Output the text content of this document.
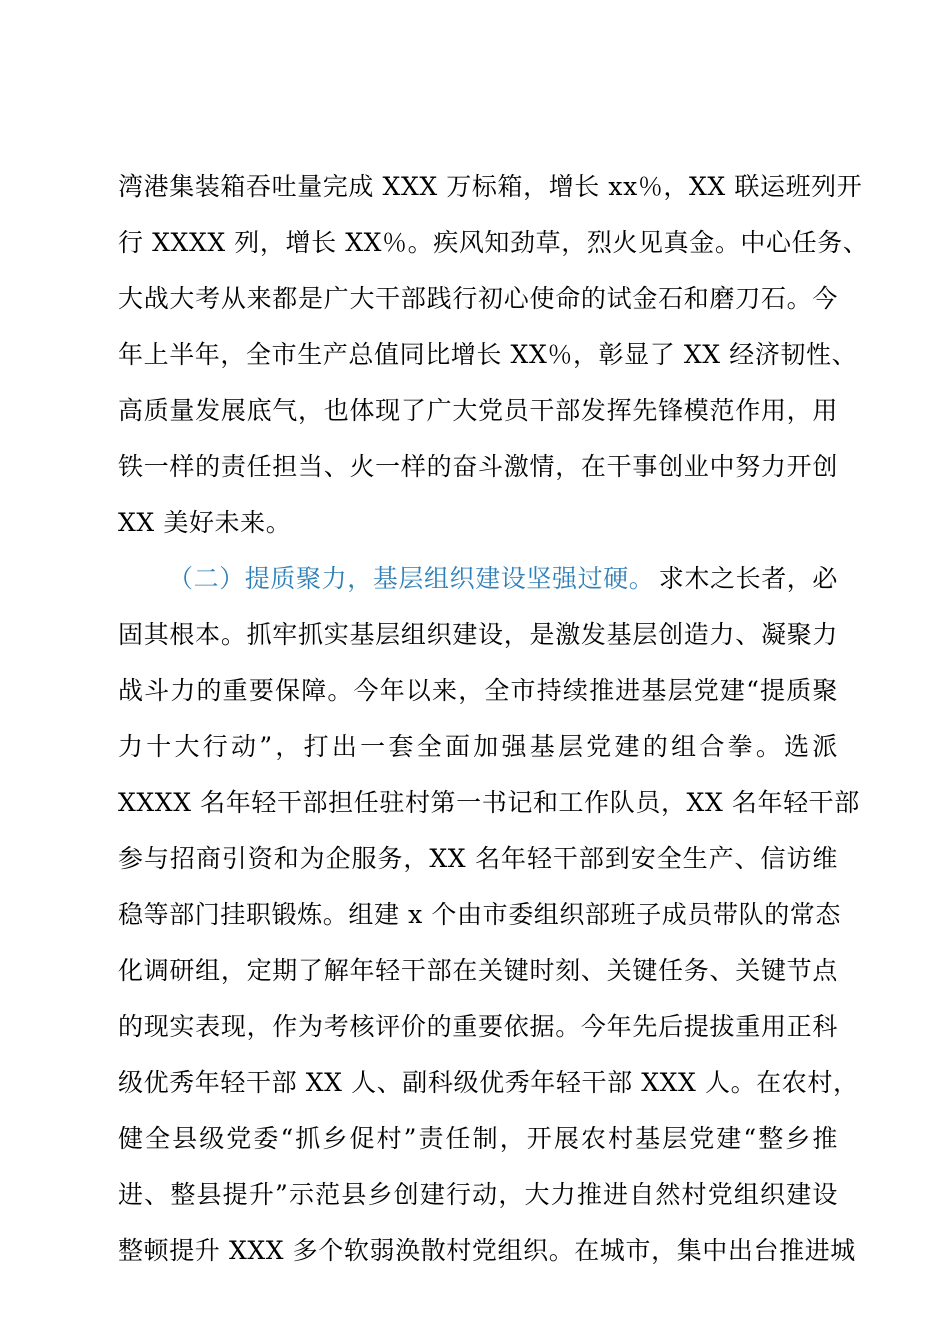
湾港集装箱吞吐量完成 XXX 万标箱，增长 xx％，XX 联运班列开
行 XXXX 列，增长 XX％。疾风知劲草，烈火见真金。中心任务、
大战大考从来都是广大干部践行初心使命的试金石和磨刀石。今
年上半年，全市生产总值同比增长 XX％，彰显了 XX 经济韧性、
高质量发展底气，也体现了广大党员干部发挥先锋模范作用，用
铁一样的责任担当、火一样的奋斗激情，在干事创业中努力开创
XX 美好未来。
（二）提质聚力，基层组织建设坚强过硬。 求木之长者，必
固其根本。抓牢抓实基层组织建设，是激发基层创造力、凝聚力
战斗力的重要保障。今年以来，全市持续推进基层党建“提质聚
力十大行动”，打出一套全面加强基层党建的组合拳。选派
XXXX 名年轻干部担任驻村第一书记和工作队员，XX 名年轻干部
参与招商引资和为企服务，XX 名年轻干部到安全生产、信访维
稳等部门挂职锻炼。组建 x 个由市委组织部班子成员带队的常态
化调研组，定期了解年轻干部在关键时刻、关键任务、关键节点
的现实表现，作为考核评价的重要依据。今年先后提拔重用正科
级优秀年轻干部 XX 人、副科级优秀年轻干部 XXX 人。在农村，
健全县级党委“抓乡促村”责任制，开展农村基层党建“整乡推
进、整县提升”示范县乡创建行动，大力推进自然村党组织建设
整顿提升 XXX 多个软弱涣散村党组织。在城市，集中出台推进城
